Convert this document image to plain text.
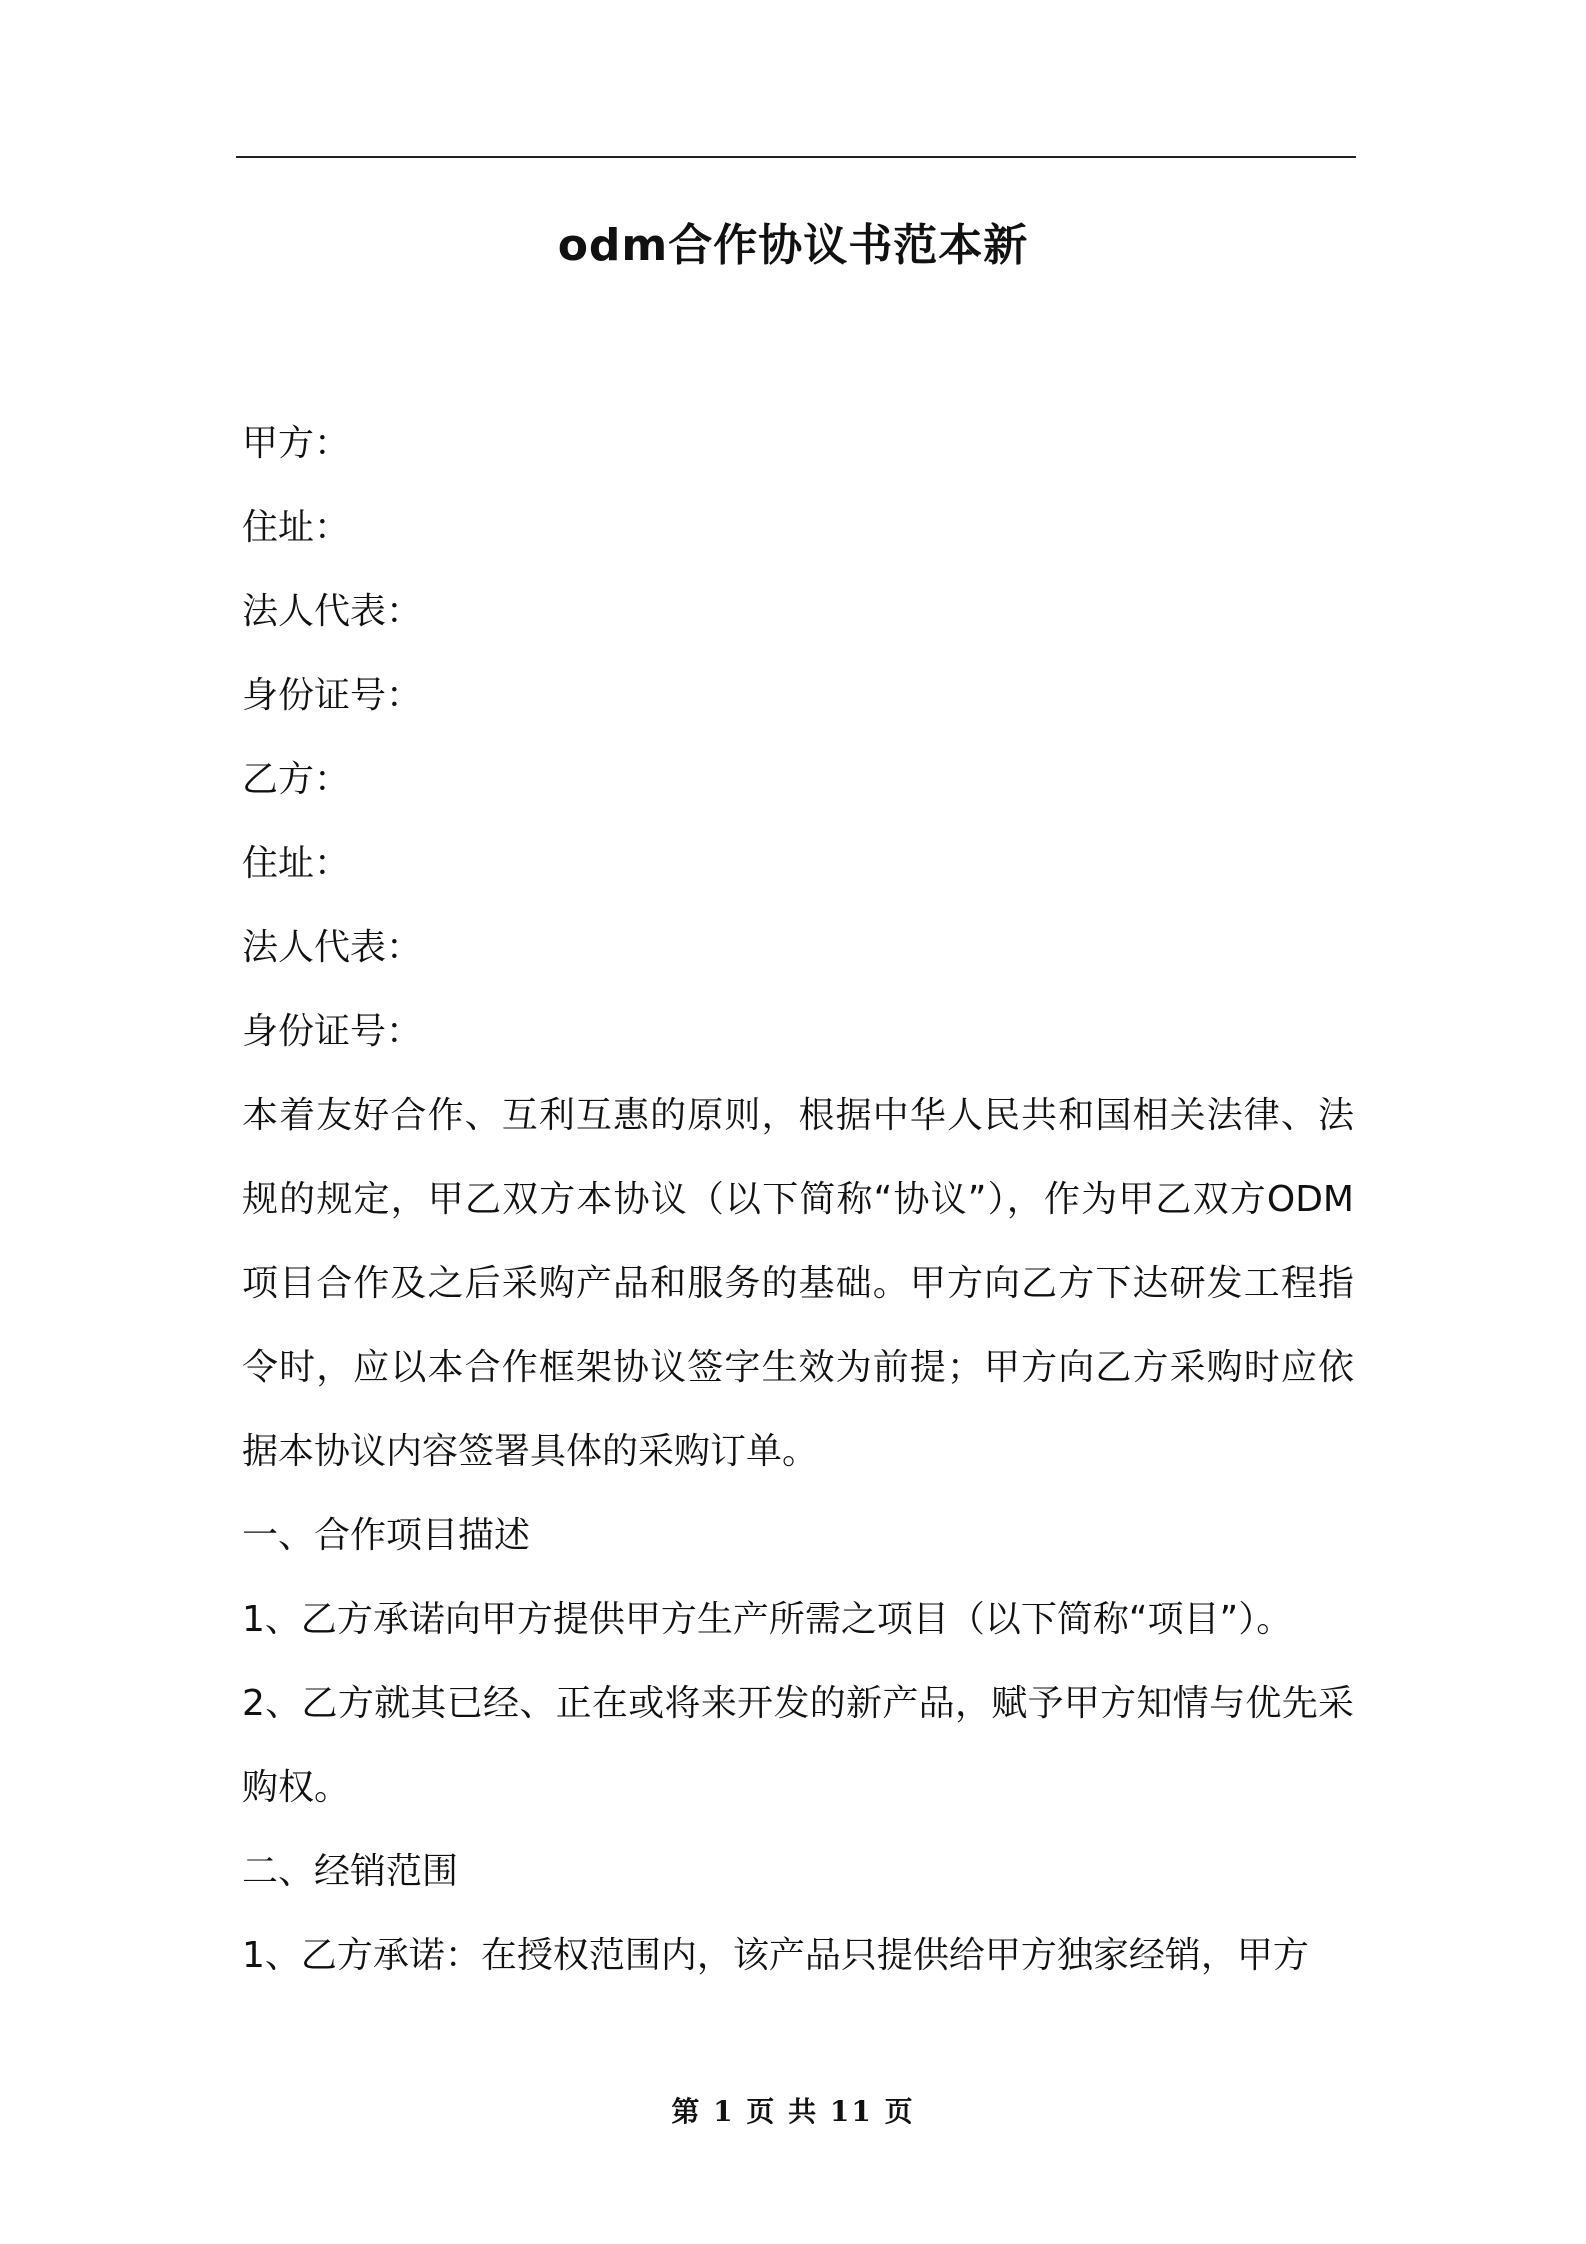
odm合作协议书范本新

甲方：

住址：

法人代表：

身份证号：

乙方：

住址：

法人代表：

身份证号：

本着友好合作、互利互惠的原则，根据中华人民共和国相关法律、法规的规定，甲乙双方本协议（以下简称“协议”），作为甲乙双方ODM项目合作及之后采购产品和服务的基础。甲方向乙方下达研发工程指令时，应以本合作框架协议签字生效为前提；甲方向乙方采购时应依据本协议内容签署具体的采购订单。

一、合作项目描述

1、乙方承诺向甲方提供甲方生产所需之项目（以下简称“项目”）。

2、乙方就其已经、正在或将来开发的新产品，赋予甲方知情与优先采购权。

二、经销范围

1、乙方承诺：在授权范围内，该产品只提供给甲方独家经销，甲方

第 1 页 共 11 页
